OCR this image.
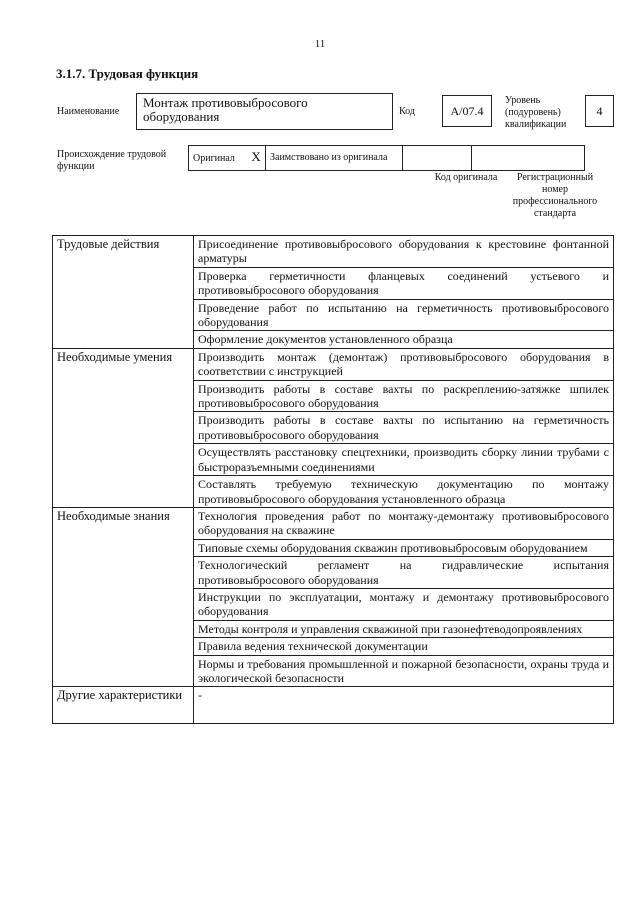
11
3.1.7. Трудовая функция
Наименование
Монтаж противовыбросового оборудования	Код	А/07.4
Уровень (подуровень) квалификации
4
Происхождение трудовой функции
Оригинал Х	Заимствовано из оригинала		
Код оригинала	Регистрационный номер профессионального стандарта
Трудовые действия	Присоединение противовыбросового оборудования к крестовине фонтанной арматуры
	Проверка герметичности фланцевых соединений устьевого и противовыбросового оборудования
	Проведение работ по испытанию на герметичность противовыбросового оборудования
	Оформление документов установленного образца
Необходимые умения	Производить монтаж (демонтаж) противовыбросового оборудования в соответствии с инструкцией
	Производить работы в составе вахты по раскреплению-затяжке шпилек противовыбросового оборудования
	Производить работы в составе вахты по испытанию на герметичность противовыбросового оборудования
	Осуществлять расстановку спецтехники, производить сборку линии трубами с быстроразъемными соединениями
	Составлять требуемую техническую документацию по монтажу противовыбросового оборудования установленного образца
Необходимые знания	Технология проведения работ по монтажу-демонтажу противовыбросового оборудования на скважине
	Типовые схемы оборудования скважин противовыбросовым оборудованием
	Технологический регламент на гидравлические испытания противовыбросового оборудования
	Инструкции по эксплуатации, монтажу и демонтажу противовыбросового оборудования
	Методы контроля и управления скважиной при газонефтеводопроявлениях
	Правила ведения технической документации
	Нормы и требования промышленной и пожарной безопасности, охраны труда и экологической безопасности
Другие характеристики	-
